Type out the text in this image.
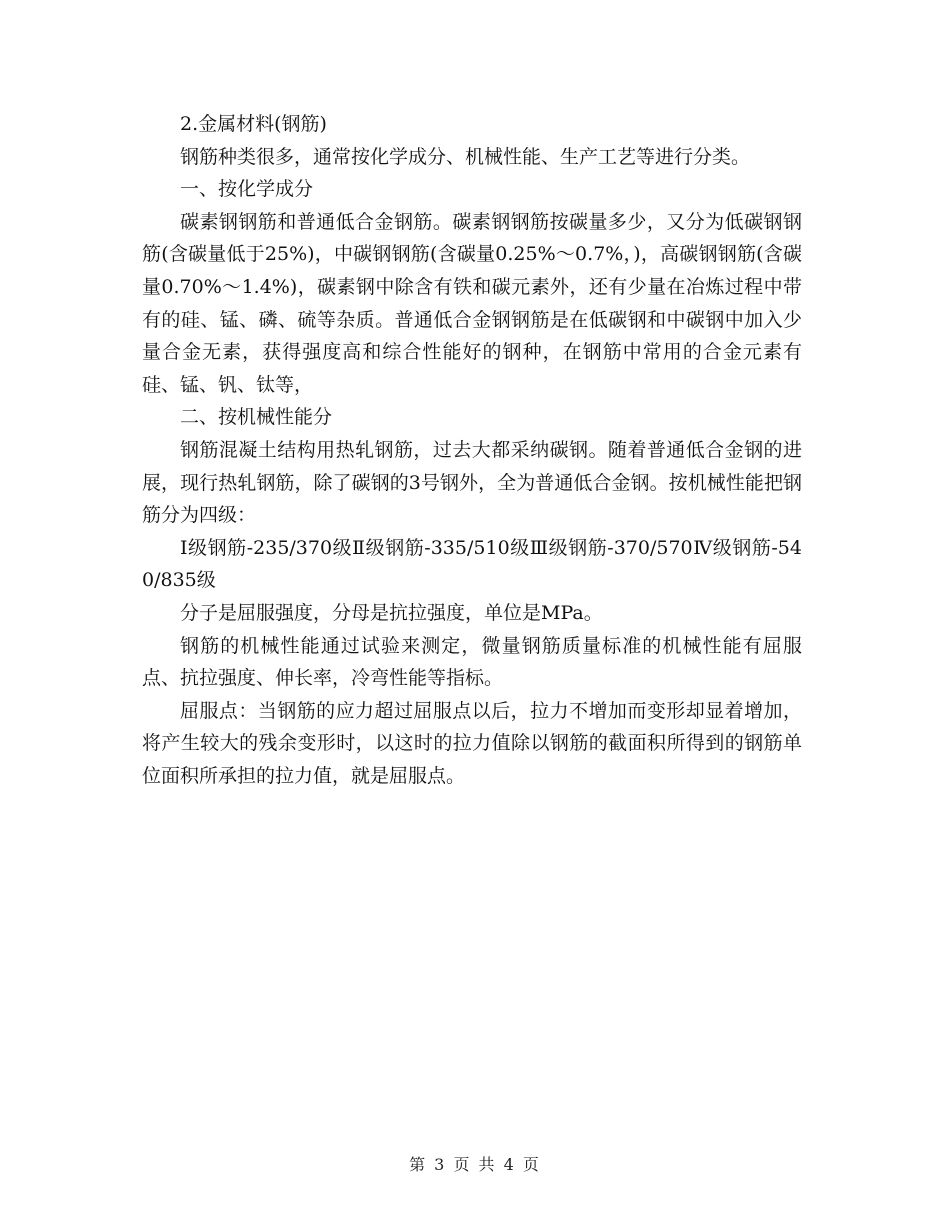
2.金属材料(钢筋)

钢筋种类很多，通常按化学成分、机械性能、生产工艺等进行分类。

一、按化学成分

碳素钢钢筋和普通低合金钢筋。碳素钢钢筋按碳量多少，又分为低碳钢钢筋(含碳量低于25%)，中碳钢钢筋(含碳量0.25%～0.7%，)，高碳钢钢筋(含碳量0.70%～1.4%)，碳素钢中除含有铁和碳元素外，还有少量在冶炼过程中带有的硅、锰、磷、硫等杂质。普通低合金钢钢筋是在低碳钢和中碳钢中加入少量合金无素，获得强度高和综合性能好的钢种，在钢筋中常用的合金元素有硅、锰、钒、钛等，

二、按机械性能分

钢筋混凝土结构用热轧钢筋，过去大都采纳碳钢。随着普通低合金钢的进展，现行热轧钢筋，除了碳钢的3号钢外，全为普通低合金钢。按机械性能把钢筋分为四级：

Ⅰ级钢筋-235/370级Ⅱ级钢筋-335/510级Ⅲ级钢筋-370/570Ⅳ级钢筋-540/835级

分子是屈服强度，分母是抗拉强度，单位是MPa。

钢筋的机械性能通过试验来测定，微量钢筋质量标准的机械性能有屈服点、抗拉强度、伸长率，冷弯性能等指标。

屈服点：当钢筋的应力超过屈服点以后，拉力不增加而变形却显着增加，将产生较大的残余变形时，以这时的拉力值除以钢筋的截面积所得到的钢筋单位面积所承担的拉力值，就是屈服点。

第 3 页 共 4 页
